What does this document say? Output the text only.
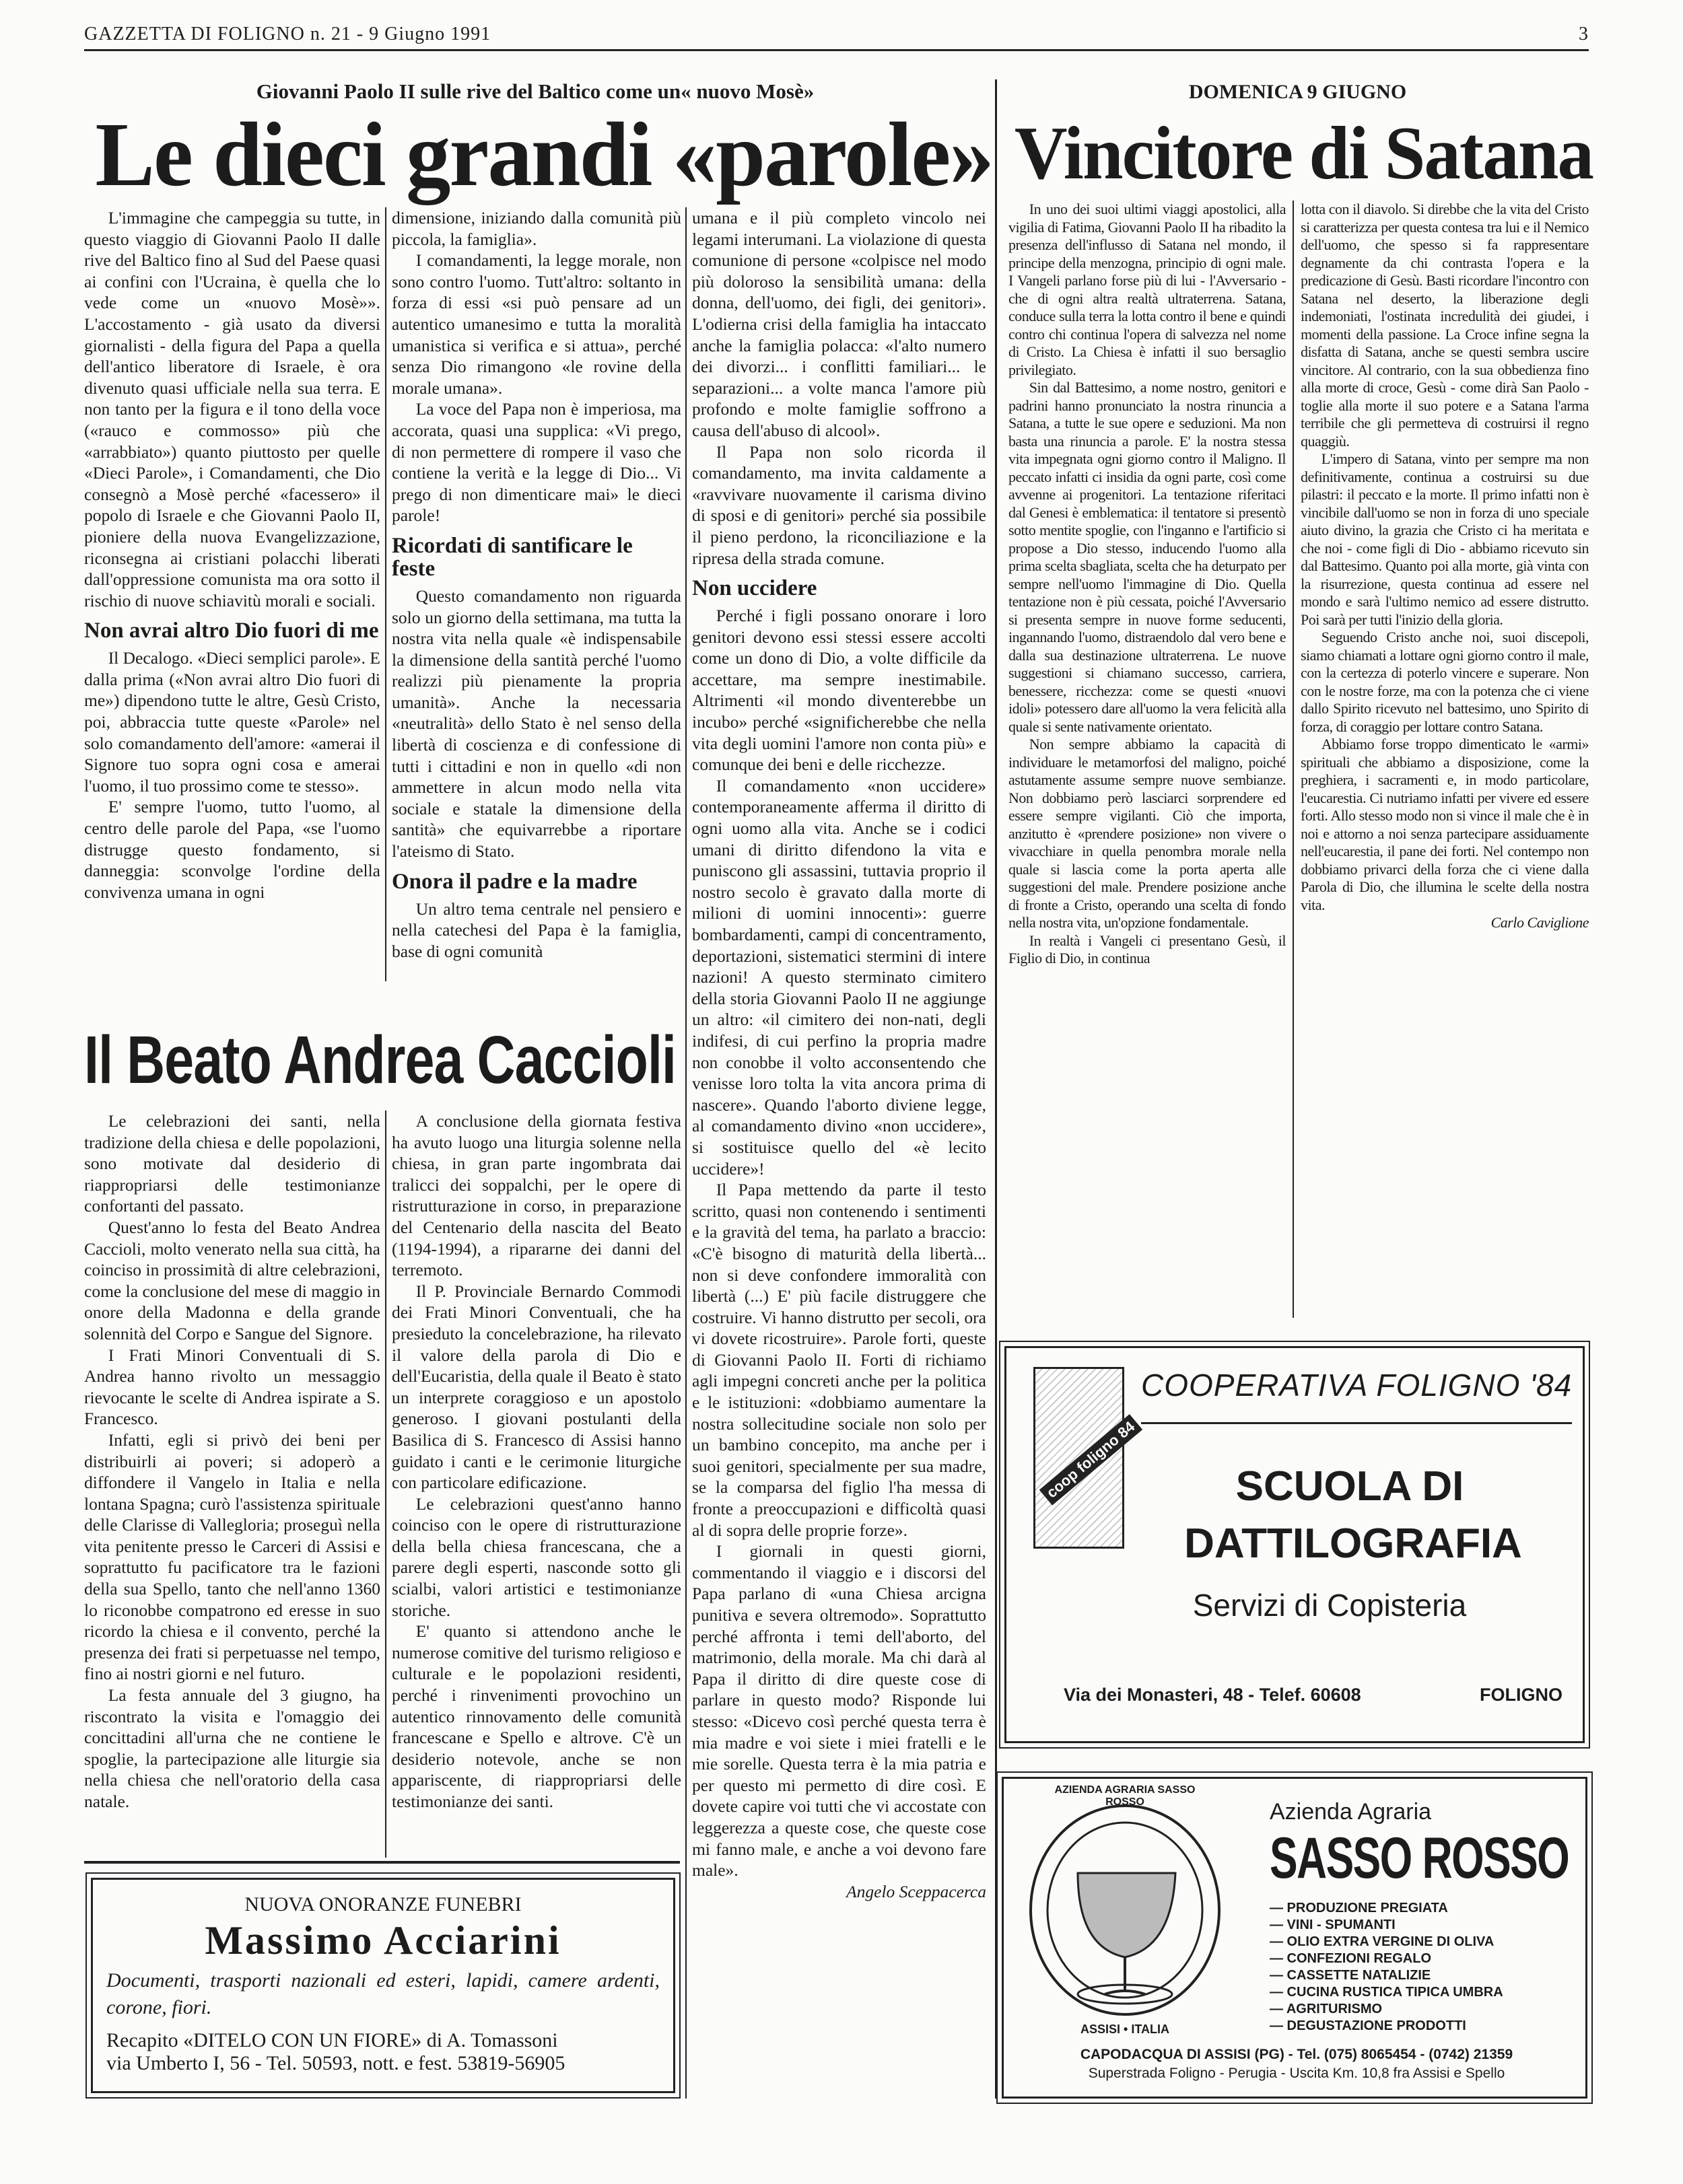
GAZZETTA DI FOLIGNO n. 21 - 9 Giugno 1991	3
Giovanni Paolo II sulle rive del Baltico come un« nuovo Mosè»
Le dieci grandi «parole»

L'immagine che campeggia su tutte, in questo viaggio di Giovanni Paolo II dalle rive del Baltico fino al Sud del Paese quasi ai confini con l'Ucraina, è quella che lo vede come un «nuovo Mosè»». L'accostamento - già usato da diversi giornalisti - della figura del Papa a quella dell'antico liberatore di Israele, è ora divenuto quasi ufficiale nella sua terra. E non tanto per la figura e il tono della voce («rauco e commosso» più che «arrabbiato») quanto piuttosto per quelle «Dieci Parole», i Comandamenti, che Dio consegnò a Mosè perché «facessero» il popolo di Israele e che Giovanni Paolo II, pioniere della nuova Evangelizzazione, riconsegna ai cristiani polacchi liberati dall'oppressione comunista ma ora sotto il rischio di nuove schiavitù morali e sociali.

Non avrai altro Dio fuori di me

Il Decalogo. «Dieci semplici parole». E dalla prima («Non avrai altro Dio fuori di me») dipendono tutte le altre, Gesù Cristo, poi, abbraccia tutte queste «Parole» nel solo comandamento dell'amore: «amerai il Signore tuo sopra ogni cosa e amerai l'uomo, il tuo prossimo come te stesso».

E' sempre l'uomo, tutto l'uomo, al centro delle parole del Papa, «se l'uomo distrugge questo fondamento, si danneggia: sconvolge l'ordine della convivenza umana in ogni

dimensione, iniziando dalla comunità più piccola, la famiglia».

I comandamenti, la legge morale, non sono contro l'uomo. Tutt'altro: soltanto in forza di essi «si può pensare ad un autentico umanesimo e tutta la moralità umanistica si verifica e si attua», perché senza Dio rimangono «le rovine della morale umana».

La voce del Papa non è imperiosa, ma accorata, quasi una supplica: «Vi prego, di non permettere di rompere il vaso che contiene la verità e la legge di Dio... Vi prego di non dimenticare mai» le dieci parole!

Ricordati di santificare le feste

Questo comandamento non riguarda solo un giorno della settimana, ma tutta la nostra vita nella quale «è indispensabile la dimensione della santità perché l'uomo realizzi più pienamente la propria umanità». Anche la necessaria «neutralità» dello Stato è nel senso della libertà di coscienza e di confessione di tutti i cittadini e non in quello «di non ammettere in alcun modo nella vita sociale e statale la dimensione della santità» che equivarrebbe a riportare l'ateismo di Stato.

Onora il padre e la madre

Un altro tema centrale nel pensiero e nella catechesi del Papa è la famiglia, base di ogni comunità

umana e il più completo vincolo nei legami interumani. La violazione di questa comunione di persone «colpisce nel modo più doloroso la sensibilità umana: della donna, dell'uomo, dei figli, dei genitori». L'odierna crisi della famiglia ha intaccato anche la famiglia polacca: «l'alto numero dei divorzi... i conflitti familiari... le separazioni... a volte manca l'amore più profondo e molte famiglie soffrono a causa dell'abuso di alcool».

Il Papa non solo ricorda il comandamento, ma invita caldamente a «ravvivare nuovamente il carisma divino di sposi e di genitori» perché sia possibile il pieno perdono, la riconciliazione e la ripresa della strada comune.

Non uccidere

Perché i figli possano onorare i loro genitori devono essi stessi essere accolti come un dono di Dio, a volte difficile da accettare, ma sempre inestimabile. Altrimenti «il mondo diventerebbe un incubo» perché «significherebbe che nella vita degli uomini l'amore non conta più» e comunque dei beni e delle ricchezze.

Il comandamento «non uccidere» contemporaneamente afferma il diritto di ogni uomo alla vita. Anche se i codici umani di diritto difendono la vita e puniscono gli assassini, tuttavia proprio il nostro secolo è gravato dalla morte di milioni di uomini innocenti»: guerre bombardamenti, campi di concentramento, deportazioni, sistematici stermini di intere nazioni! A questo sterminato cimitero della storia Giovanni Paolo II ne aggiunge un altro: «il cimitero dei non-nati, degli indifesi, di cui perfino la propria madre non conobbe il volto acconsentendo che venisse loro tolta la vita ancora prima di nascere». Quando l'aborto diviene legge, al comandamento divino «non uccidere», si sostituisce quello del «è lecito uccidere»!

Il Papa mettendo da parte il testo scritto, quasi non contenendo i sentimenti e la gravità del tema, ha parlato a braccio: «C'è bisogno di maturità della libertà... non si deve confondere immoralità con libertà (...) E' più facile distruggere che costruire. Vi hanno distrutto per secoli, ora vi dovete ricostruire». Parole forti, queste di Giovanni Paolo II. Forti di richiamo agli impegni concreti anche per la politica e le istituzioni: «dobbiamo aumentare la nostra sollecitudine sociale non solo per un bambino concepito, ma anche per i suoi genitori, specialmente per sua madre, se la comparsa del figlio l'ha messa di fronte a preoccupazioni e difficoltà quasi al di sopra delle proprie forze».

I giornali in questi giorni, commentando il viaggio e i discorsi del Papa parlano di «una Chiesa arcigna punitiva e severa oltremodo». Soprattutto perché affronta i temi dell'aborto, del matrimonio, della morale. Ma chi darà al Papa il diritto di dire queste cose di parlare in questo modo? Risponde lui stesso: «Dicevo così perché questa terra è mia madre e voi siete i miei fratelli e le mie sorelle. Questa terra è la mia patria e per questo mi permetto di dire così. E dovete capire voi tutti che vi accostate con leggerezza a queste cose, che queste cose mi fanno male, e anche a voi devono fare male».

Angelo Sceppacerca

Il Beato Andrea Caccioli

Le celebrazioni dei santi, nella tradizione della chiesa e delle popolazioni, sono motivate dal desiderio di riappropriarsi delle testimonianze confortanti del passato.

Quest'anno lo festa del Beato Andrea Caccioli, molto venerato nella sua città, ha coinciso in prossimità di altre celebrazioni, come la conclusione del mese di maggio in onore della Madonna e della grande solennità del Corpo e Sangue del Signore.

I Frati Minori Conventuali di S. Andrea hanno rivolto un messaggio rievocante le scelte di Andrea ispirate a S. Francesco.

Infatti, egli si privò dei beni per distribuirli ai poveri; si adoperò a diffondere il Vangelo in Italia e nella lontana Spagna; curò l'assistenza spirituale delle Clarisse di Vallegloria; proseguì nella vita penitente presso le Carceri di Assisi e soprattutto fu pacificatore tra le fazioni della sua Spello, tanto che nell'anno 1360 lo riconobbe compatrono ed eresse in suo ricordo la chiesa e il convento, perché la presenza dei frati si perpetuasse nel tempo, fino ai nostri giorni e nel futuro.

La festa annuale del 3 giugno, ha riscontrato la visita e l'omaggio dei concittadini all'urna che ne contiene le spoglie, la partecipazione alle liturgie sia nella chiesa che nell'oratorio della casa natale.

A conclusione della giornata festiva ha avuto luogo una liturgia solenne nella chiesa, in gran parte ingombrata dai tralicci dei soppalchi, per le opere di ristrutturazione in corso, in preparazione del Centenario della nascita del Beato (1194-1994), a ripararne dei danni del terremoto.

Il P. Provinciale Bernardo Commodi dei Frati Minori Conventuali, che ha presieduto la concelebrazione, ha rilevato il valore della parola di Dio e dell'Eucaristia, della quale il Beato è stato un interprete coraggioso e un apostolo generoso. I giovani postulanti della Basilica di S. Francesco di Assisi hanno guidato i canti e le cerimonie liturgiche con particolare edificazione.

Le celebrazioni quest'anno hanno coinciso con le opere di ristrutturazione della bella chiesa francescana, che a parere degli esperti, nasconde sotto gli scialbi, valori artistici e testimonianze storiche.

E' quanto si attendono anche le numerose comitive del turismo religioso e culturale e le popolazioni residenti, perché i rinvenimenti provochino un autentico rinnovamento delle comunità francescane e Spello e altrove. C'è un desiderio notevole, anche se non appariscente, di riappropriarsi delle testimonianze dei santi.

NUOVA ONORANZE FUNEBRI
Massimo Acciarini
Documenti, trasporti nazionali ed esteri, lapidi, camere ardenti, corone, fiori.
Recapito «DITELO CON UN FIORE» di A. Tomassoni
via Umberto I, 56 - Tel. 50593, nott. e fest. 53819-56905
DOMENICA 9 GIUGNO
Vincitore di Satana

In uno dei suoi ultimi viaggi apostolici, alla vigilia di Fatima, Giovanni Paolo II ha ribadito la presenza dell'influsso di Satana nel mondo, il principe della menzogna, principio di ogni male. I Vangeli parlano forse più di lui - l'Avversario - che di ogni altra realtà ultraterrena. Satana, conduce sulla terra la lotta contro il bene e quindi contro chi continua l'opera di salvezza nel nome di Cristo. La Chiesa è infatti il suo bersaglio privilegiato.

Sin dal Battesimo, a nome nostro, genitori e padrini hanno pronunciato la nostra rinuncia a Satana, a tutte le sue opere e seduzioni. Ma non basta una rinuncia a parole. E' la nostra stessa vita impegnata ogni giorno contro il Maligno. Il peccato infatti ci insidia da ogni parte, così come avvenne ai progenitori. La tentazione riferitaci dal Genesi è emblematica: il tentatore si presentò sotto mentite spoglie, con l'inganno e l'artificio si propose a Dio stesso, inducendo l'uomo alla prima scelta sbagliata, scelta che ha deturpato per sempre nell'uomo l'immagine di Dio. Quella tentazione non è più cessata, poiché l'Avversario si presenta sempre in nuove forme seducenti, ingannando l'uomo, distraendolo dal vero bene e dalla sua destinazione ultraterrena. Le nuove suggestioni si chiamano successo, carriera, benessere, ricchezza: come se questi «nuovi idoli» potessero dare all'uomo la vera felicità alla quale si sente nativamente orientato.

Non sempre abbiamo la capacità di individuare le metamorfosi del maligno, poiché astutamente assume sempre nuove sembianze. Non dobbiamo però lasciarci sorprendere ed essere sempre vigilanti. Ciò che importa, anzitutto è «prendere posizione» non vivere o vivacchiare in quella penombra morale nella quale si lascia come la porta aperta alle suggestioni del male. Prendere posizione anche di fronte a Cristo, operando una scelta di fondo nella nostra vita, un'opzione fondamentale.

In realtà i Vangeli ci presentano Gesù, il Figlio di Dio, in continua

lotta con il diavolo. Si direbbe che la vita del Cristo si caratterizza per questa contesa tra lui e il Nemico dell'uomo, che spesso si fa rappresentare degnamente da chi contrasta l'opera e la predicazione di Gesù. Basti ricordare l'incontro con Satana nel deserto, la liberazione degli indemoniati, l'ostinata incredulità dei giudei, i momenti della passione. La Croce infine segna la disfatta di Satana, anche se questi sembra uscire vincitore. Al contrario, con la sua obbedienza fino alla morte di croce, Gesù - come dirà San Paolo - toglie alla morte il suo potere e a Satana l'arma terribile che gli permetteva di costruirsi il regno quaggiù.

L'impero di Satana, vinto per sempre ma non definitivamente, continua a costruirsi su due pilastri: il peccato e la morte. Il primo infatti non è vincibile dall'uomo se non in forza di uno speciale aiuto divino, la grazia che Cristo ci ha meritata e che noi - come figli di Dio - abbiamo ricevuto sin dal Battesimo. Quanto poi alla morte, già vinta con la risurrezione, questa continua ad essere nel mondo e sarà l'ultimo nemico ad essere distrutto. Poi sarà per tutti l'inizio della gloria.

Seguendo Cristo anche noi, suoi discepoli, siamo chiamati a lottare ogni giorno contro il male, con la certezza di poterlo vincere e superare. Non con le nostre forze, ma con la potenza che ci viene dallo Spirito ricevuto nel battesimo, uno Spirito di forza, di coraggio per lottare contro Satana.

Abbiamo forse troppo dimenticato le «armi» spirituali che abbiamo a disposizione, come la preghiera, i sacramenti e, in modo particolare, l'eucarestia. Ci nutriamo infatti per vivere ed essere forti. Allo stesso modo non si vince il male che è in noi e attorno a noi senza partecipare assiduamente nell'eucarestia, il pane dei forti. Nel contempo non dobbiamo privarci della forza che ci viene dalla Parola di Dio, che illumina le scelte della nostra vita.

Carlo Caviglione

coop foligno 84
COOPERATIVA FOLIGNO '84
SCUOLA DI
DATTILOGRAFIA
Servizi di Copisteria
Via dei Monasteri, 48 - Telef. 60608	FOLIGNO
AZIENDA AGRARIA SASSO ROSSO
ASSISI • ITALIA
Azienda Agraria
SASSO ROSSO
— PRODUZIONE PREGIATA
— VINI - SPUMANTI
— OLIO EXTRA VERGINE DI OLIVA
— CONFEZIONI REGALO
— CASSETTE NATALIZIE
— CUCINA RUSTICA TIPICA UMBRA
— AGRITURISMO
— DEGUSTAZIONE PRODOTTI
CAPODACQUA DI ASSISI (PG) - Tel. (075) 8065454 - (0742) 21359
Superstrada Foligno - Perugia - Uscita Km. 10,8 fra Assisi e Spello
